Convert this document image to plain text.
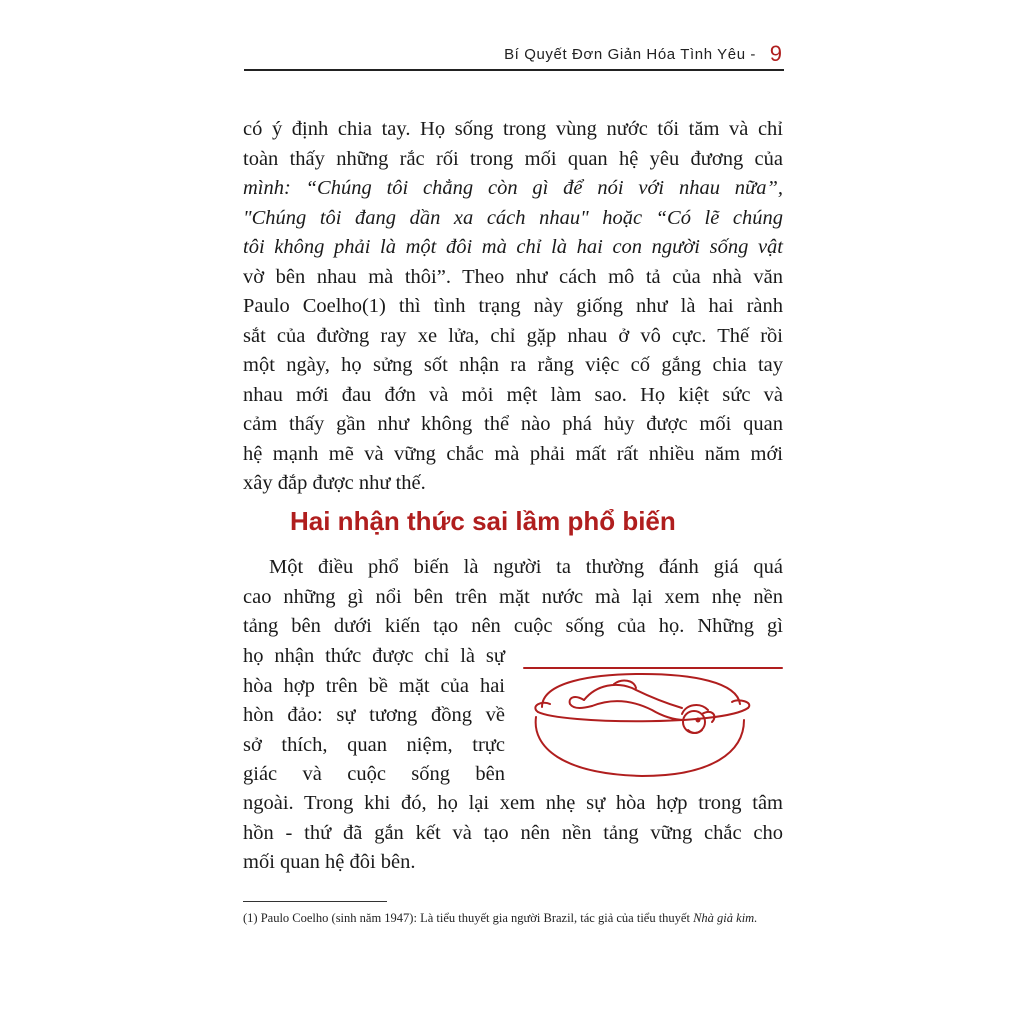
Bí Quyết Đơn Giản Hóa Tình Yêu - 9
có ý định chia tay. Họ sống trong vùng nước tối tăm và chỉ
toàn thấy những rắc rối trong mối quan hệ yêu đương của
mình: “Chúng tôi chẳng còn gì để nói với nhau nữa”,
"Chúng tôi đang dần xa cách nhau" hoặc “Có lẽ chúng
tôi không phải là một đôi mà chỉ là hai con người sống vật
vờ bên nhau mà thôi”. Theo như cách mô tả của nhà văn
Paulo Coelho(1) thì tình trạng này giống như là hai rành
sắt của đường ray xe lửa, chỉ gặp nhau ở vô cực. Thế rồi
một ngày, họ sửng sốt nhận ra rằng việc cố gắng chia tay
nhau mới đau đớn và mỏi mệt làm sao. Họ kiệt sức và
cảm thấy gần như không thể nào phá hủy được mối quan
hệ mạnh mẽ và vững chắc mà phải mất rất nhiều năm mới
xây đắp được như thế.
Hai nhận thức sai lầm phổ biến
Một điều phổ biến là người ta thường đánh giá quá
cao những gì nổi bên trên mặt nước mà lại xem nhẹ nền
tảng bên dưới kiến tạo nên cuộc sống của họ. Những gì
họ nhận thức được chỉ là sự
hòa hợp trên bề mặt của hai
hòn đảo: sự tương đồng về
sở thích, quan niệm, trực
giác và cuộc sống bên
ngoài. Trong khi đó, họ lại xem nhẹ sự hòa hợp trong tâm
hồn - thứ đã gắn kết và tạo nên nền tảng vững chắc cho
mối quan hệ đôi bên.
(1) Paulo Coelho (sinh năm 1947): Là tiểu thuyết gia người Brazil, tác giả của tiểu thuyết Nhà giả kim.
